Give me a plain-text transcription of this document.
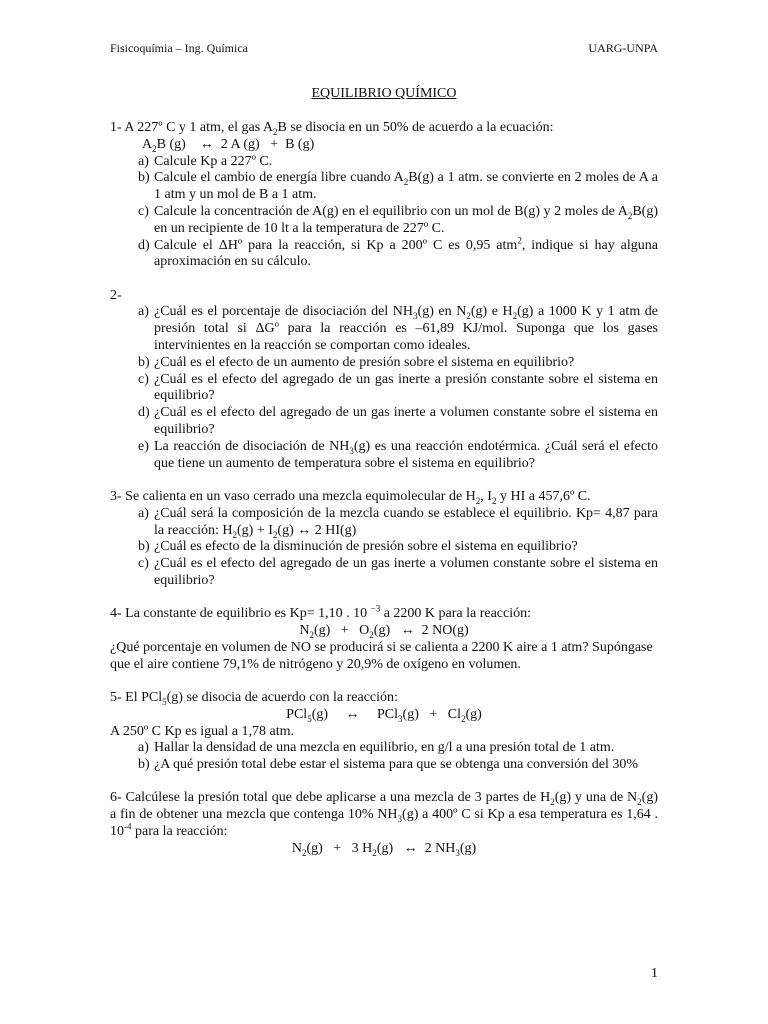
Fisicoquímia – Ing. Química	UARG-UNPA
EQUILIBRIO QUÍMICO

1- A 227º C y 1 atm, el gas $A_2B$ se disocia en un 50% de acuerdo a la ecuación:

$A_2B$ (g)    ↔  2 A (g)   +  B (g)

a) Calcule Kp a 227º C.
b) Calcule el cambio de energía libre cuando $A_2B(g)$ a 1 atm. se convierte en 2 moles de A a 1 atm y un mol de B a 1 atm.
c) Calcule la concentración de A(g) en el equilibrio con un mol de B(g) y 2 moles de $A_2B(g)$ en un recipiente de 10 lt a la temperatura de 227º C.
d) Calcule el ΔHº para la reacción, si Kp a 200º C es 0,95 atm$^2$, indique si hay alguna aproximación en su cálculo.

2-

a) ¿Cuál es el porcentaje de disociación del $NH_3(g)$ en $N_2(g)$ e $H_2(g)$ a 1000 K y 1 atm de presión total si ΔGº para la reacción es –61,89 KJ/mol. Suponga que los gases intervinientes en la reacción se comportan como ideales.
b) ¿Cuál es el efecto de un aumento de presión sobre el sistema en equilibrio?
c) ¿Cuál es el efecto del agregado de un gas inerte a presión constante sobre el sistema en equilibrio?
d) ¿Cuál es el efecto del agregado de un gas inerte a volumen constante sobre el sistema en equilibrio?
e) La reacción de disociación de $NH_3(g)$ es una reacción endotérmica. ¿Cuál será el efecto que tiene un aumento de temperatura sobre el sistema en equilibrio?

3- Se calienta en un vaso cerrado una mezcla equimolecular de $H_2$, $I_2$ y HI a 457,6º C.

a) ¿Cuál será la composición de la mezcla cuando se establece el equilibrio. Kp= 4,87 para la reacción: $H_2(g) + I_2(g)$ ↔ 2 HI(g)
b) ¿Cuál es efecto de la disminución de presión sobre el sistema en equilibrio?
c) ¿Cuál es el efecto del agregado de un gas inerte a volumen constante sobre el sistema en equilibrio?

4- La constante de equilibrio es Kp= 1,10 . 10 $^{-3}$ a 2200 K para la reacción:

$N_2(g) + O_2(g)$   ↔  2 NO(g)

¿Qué porcentaje en volumen de NO se producirá si se calienta a 2200 K aire a 1 atm? Supóngase que el aire contiene 79,1% de nitrógeno y 20,9% de oxígeno en volumen.

5- El PCl$_5$(g) se disocia de acuerdo con la reacción:

PCl$_5$(g)     ↔     $PCl_3(g) + Cl_2(g)$

A 250º C Kp es igual a 1,78 atm.

a) Hallar la densidad de una mezcla en equilibrio, en g/l a una presión total de 1 atm.
b) ¿A qué presión total debe estar el sistema para que se obtenga una conversión del 30%

6- Calcúlese la presión total que debe aplicarse a una mezcla de 3 partes de $H_2(g)$ y una de $N_2(g)$ a fin de obtener una mezcla que contenga 10% $NH_3(g)$ a 400º C si Kp a esa temperatura es 1,64 . $10^{-4}$ para la reacción:

$N_2(g) + 3$ $H_2(g)$   ↔  2 $NH_3(g)$

1
